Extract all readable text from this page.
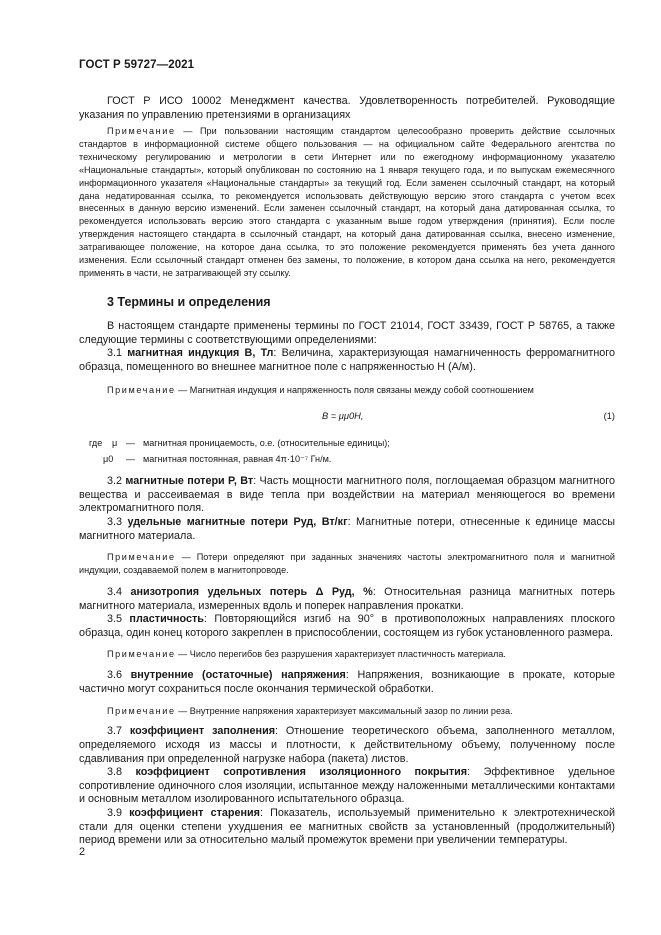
ГОСТ Р 59727—2021

ГОСТ Р ИСО 10002 Менеджмент качества. Удовлетворенность потребителей. Руководящие указания по управлению претензиями в организациях

Примечание — При пользовании настоящим стандартом целесообразно проверить действие ссылочных стандартов в информационной системе общего пользования — на официальном сайте Федерального агентства по техническому регулированию и метрологии в сети Интернет или по ежегодному информационному указателю «Национальные стандарты», который опубликован по состоянию на 1 января текущего года, и по выпускам ежемесячного информационного указателя «Национальные стандарты» за текущий год. Если заменен ссылочный стандарт, на который дана недатированная ссылка, то рекомендуется использовать действующую версию этого стандарта с учетом всех внесенных в данную версию изменений. Если заменен ссылочный стандарт, на который дана датированная ссылка, то рекомендуется использовать версию этого стандарта с указанным выше годом утверждения (принятия). Если после утверждения настоящего стандарта в ссылочный стандарт, на который дана датированная ссылка, внесено изменение, затрагивающее положение, на которое дана ссылка, то это положение рекомендуется применять без учета данного изменения. Если ссылочный стандарт отменен без замены, то положение, в котором дана ссылка на него, рекомендуется применять в части, не затрагивающей эту ссылку.

3 Термины и определения

В настоящем стандарте применены термины по ГОСТ 21014, ГОСТ 33439, ГОСТ Р 58765, а также следующие термины с соответствующими определениями:

3.1 магнитная индукция B, Тл: Величина, характеризующая намагниченность ферромагнитного образца, помещенного во внешнее магнитное поле с напряженностью H (А/м).

Примечание — Магнитная индукция и напряженность поля связаны между собой соотношением

B = μμ0H,	(1)
где μ — магнитная проницаемость, о.е. (относительные единицы);
μ0 — магнитная постоянная, равная 4π·10⁻⁷ Гн/м.

3.2 магнитные потери P, Вт: Часть мощности магнитного поля, поглощаемая образцом магнитного вещества и рассеиваемая в виде тепла при воздействии на материал меняющегося во времени электромагнитного поля.

3.3 удельные магнитные потери Pуд, Вт/кг: Магнитные потери, отнесенные к единице массы магнитного материала.

Примечание — Потери определяют при заданных значениях частоты электромагнитного поля и магнитной индукции, создаваемой полем в магнитопроводе.

3.4 анизотропия удельных потерь Δ Pуд, %: Относительная разница магнитных потерь магнитного материала, измеренных вдоль и поперек направления прокатки.

3.5 пластичность: Повторяющийся изгиб на 90° в противоположных направлениях плоского образца, один конец которого закреплен в приспособлении, состоящем из губок установленного размера.

Примечание — Число перегибов без разрушения характеризует пластичность материала.

3.6 внутренние (остаточные) напряжения: Напряжения, возникающие в прокате, которые частично могут сохраниться после окончания термической обработки.

Примечание — Внутренние напряжения характеризует максимальный зазор по линии реза.

3.7 коэффициент заполнения: Отношение теоретического объема, заполненного металлом, определяемого исходя из массы и плотности, к действительному объему, полученному после сдавливания при определенной нагрузке набора (пакета) листов.

3.8 коэффициент сопротивления изоляционного покрытия: Эффективное удельное сопротивление одиночного слоя изоляции, испытанное между наложенными металлическими контактами и основным металлом изолированного испытательного образца.

3.9 коэффициент старения: Показатель, используемый применительно к электротехнической стали для оценки степени ухудшения ее магнитных свойств за установленный (продолжительный) период времени или за относительно малый промежуток времени при увеличении температуры.

2
